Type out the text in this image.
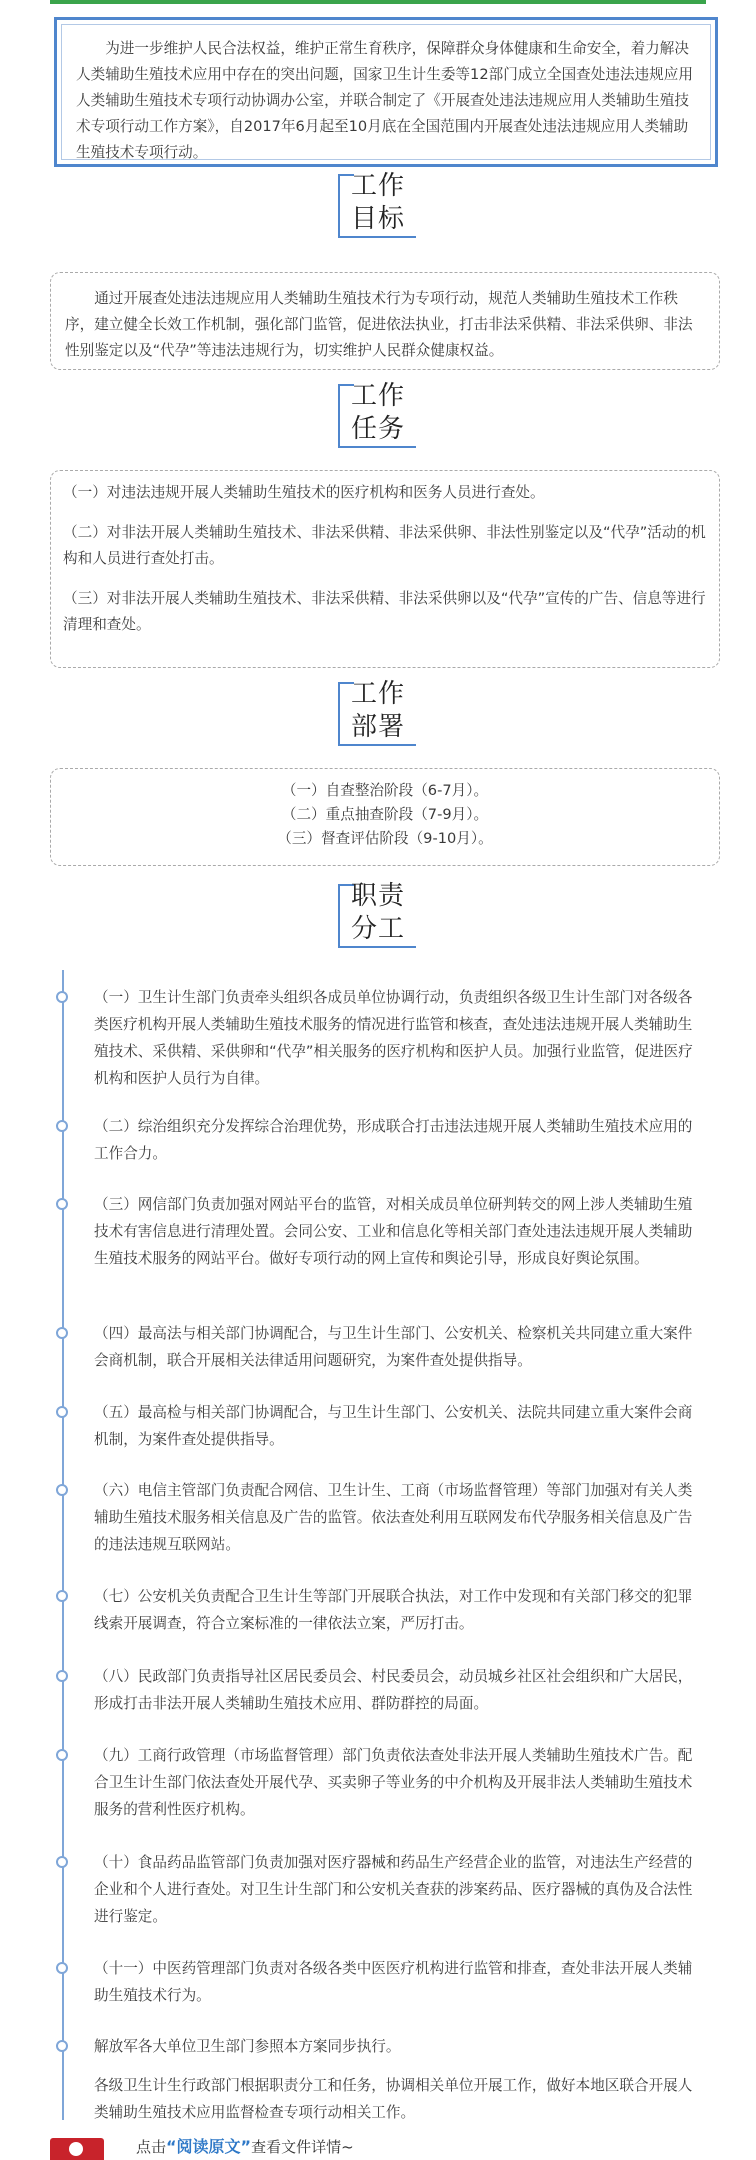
为进一步维护人民合法权益，维护正常生育秩序，保障群众身体健康和生命安全，着力解决人类辅助生殖技术应用中存在的突出问题，国家卫生计生委等12部门成立全国查处违法违规应用人类辅助生殖技术专项行动协调办公室，并联合制定了《开展查处违法违规应用人类辅助生殖技术专项行动工作方案》，自2017年6月起至10月底在全国范围内开展查处违法违规应用人类辅助生殖技术专项行动。
工作
目标
通过开展查处违法违规应用人类辅助生殖技术行为专项行动，规范人类辅助生殖技术工作秩序，建立健全长效工作机制，强化部门监管，促进依法执业，打击非法采供精、非法采供卵、非法性别鉴定以及“代孕”等违法违规行为，切实维护人民群众健康权益。
工作
任务

（一）对违法违规开展人类辅助生殖技术的医疗机构和医务人员进行查处。

（二）对非法开展人类辅助生殖技术、非法采供精、非法采供卵、非法性别鉴定以及“代孕”活动的机构和人员进行查处打击。

（三）对非法开展人类辅助生殖技术、非法采供精、非法采供卵以及“代孕”宣传的广告、信息等进行清理和查处。

工作
部署
（一）自查整治阶段（6-7月）。
（二）重点抽查阶段（7-9月）。
（三）督查评估阶段（9-10月）。
职责
分工
（一）卫生计生部门负责牵头组织各成员单位协调行动，负责组织各级卫生计生部门对各级各类医疗机构开展人类辅助生殖技术服务的情况进行监管和核查，查处违法违规开展人类辅助生殖技术、采供精、采供卵和“代孕”相关服务的医疗机构和医护人员。加强行业监管，促进医疗机构和医护人员行为自律。
（二）综治组织充分发挥综合治理优势，形成联合打击违法违规开展人类辅助生殖技术应用的工作合力。
（三）网信部门负责加强对网站平台的监管，对相关成员单位研判转交的网上涉人类辅助生殖技术有害信息进行清理处置。会同公安、工业和信息化等相关部门查处违法违规开展人类辅助生殖技术服务的网站平台。做好专项行动的网上宣传和舆论引导，形成良好舆论氛围。
（四）最高法与相关部门协调配合，与卫生计生部门、公安机关、检察机关共同建立重大案件会商机制，联合开展相关法律适用问题研究，为案件查处提供指导。
（五）最高检与相关部门协调配合，与卫生计生部门、公安机关、法院共同建立重大案件会商机制，为案件查处提供指导。
（六）电信主管部门负责配合网信、卫生计生、工商（市场监督管理）等部门加强对有关人类辅助生殖技术服务相关信息及广告的监管。依法查处利用互联网发布代孕服务相关信息及广告的违法违规互联网站。
（七）公安机关负责配合卫生计生等部门开展联合执法，对工作中发现和有关部门移交的犯罪线索开展调查，符合立案标准的一律依法立案，严厉打击。
（八）民政部门负责指导社区居民委员会、村民委员会，动员城乡社区社会组织和广大居民，形成打击非法开展人类辅助生殖技术应用、群防群控的局面。
（九）工商行政管理（市场监督管理）部门负责依法查处非法开展人类辅助生殖技术广告。配合卫生计生部门依法查处开展代孕、买卖卵子等业务的中介机构及开展非法人类辅助生殖技术服务的营利性医疗机构。
（十）食品药品监管部门负责加强对医疗器械和药品生产经营企业的监管，对违法生产经营的企业和个人进行查处。对卫生计生部门和公安机关查获的涉案药品、医疗器械的真伪及合法性进行鉴定。
（十一）中医药管理部门负责对各级各类中医医疗机构进行监管和排查，查处非法开展人类辅助生殖技术行为。
解放军各大单位卫生部门参照本方案同步执行。
各级卫生计生行政部门根据职责分工和任务，协调相关单位开展工作，做好本地区联合开展人类辅助生殖技术应用监督检查专项行动相关工作。
点击“阅读原文”查看文件详情~
